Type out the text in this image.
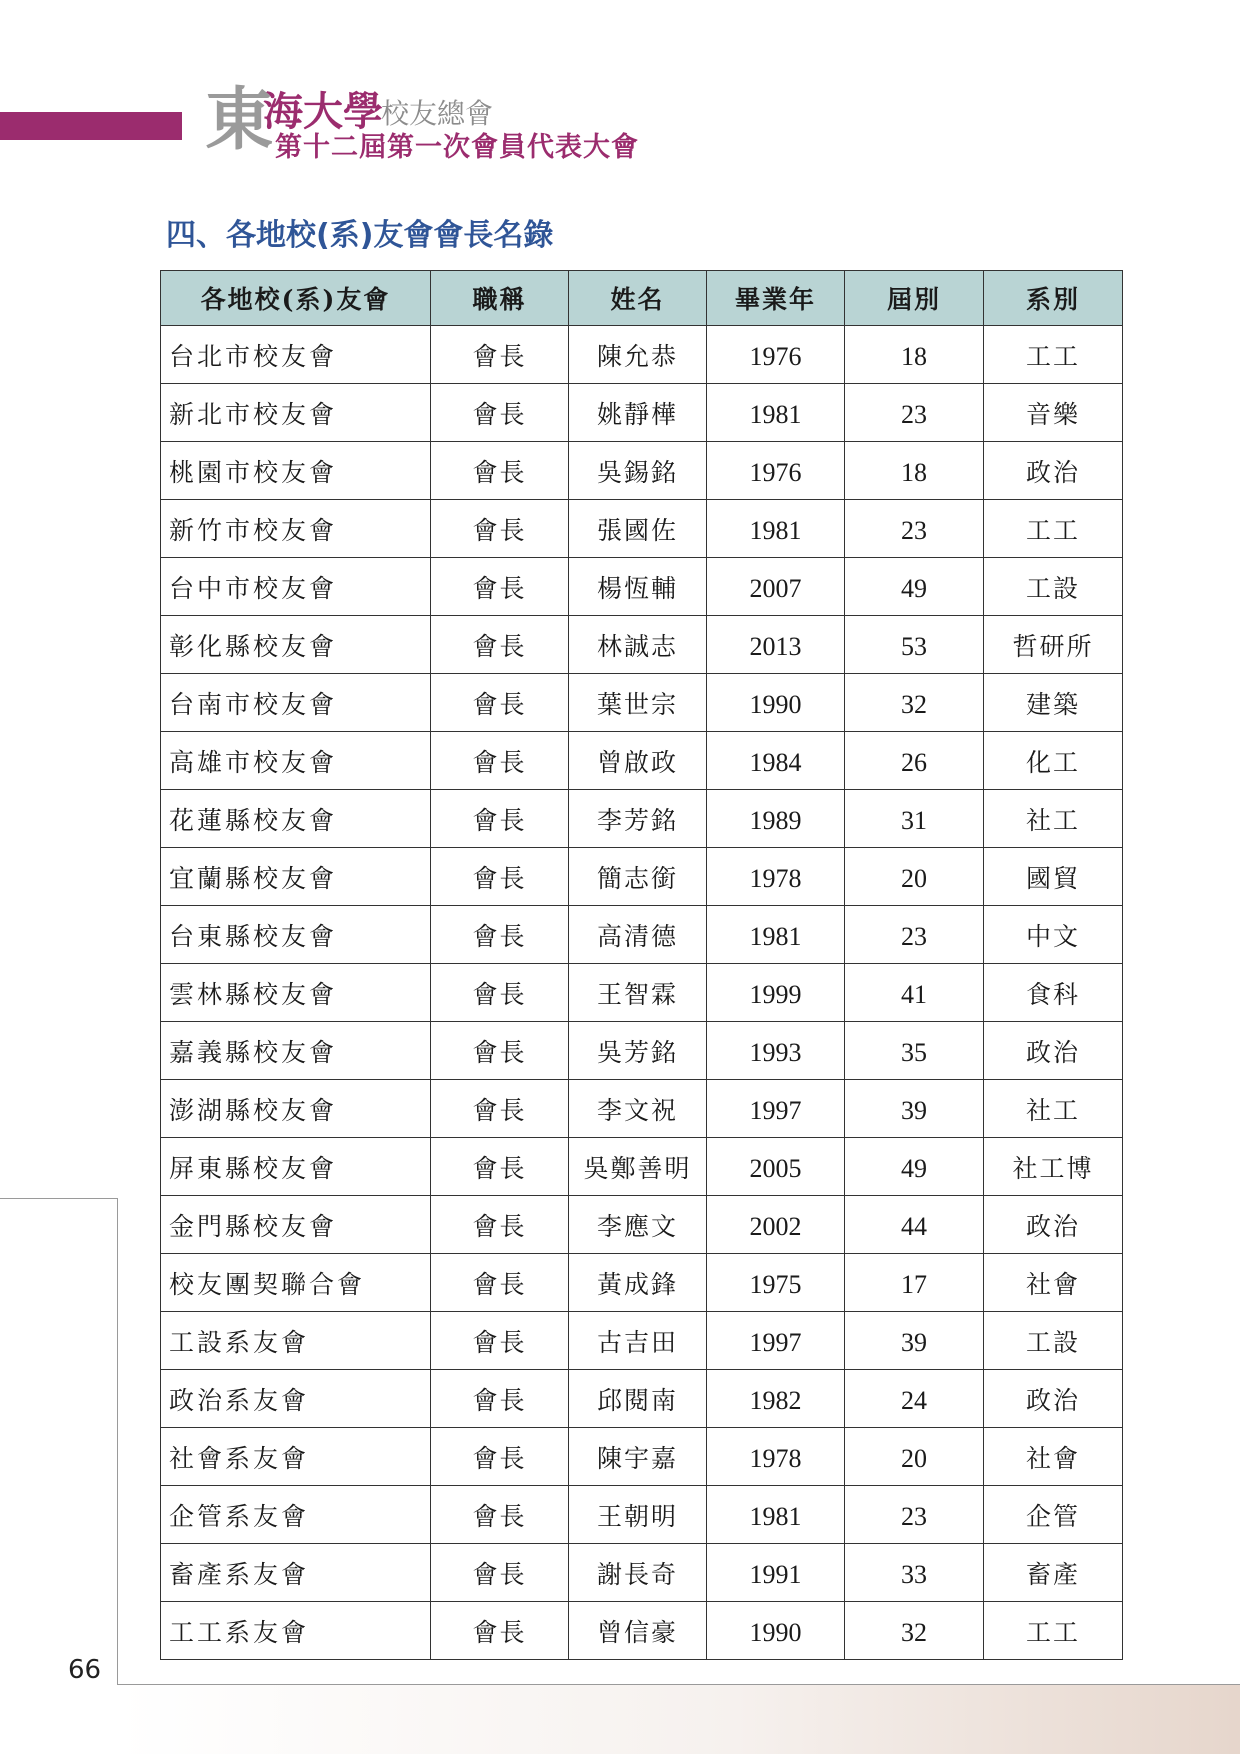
東
海大學
校友總會
第十二屆第一次會員代表大會
四、各地校(系)友會會長名錄
各地校(系)友會	職稱	姓名	畢業年	屆別	系別
台北市校友會	會長	陳允恭	1976	18	工工
新北市校友會	會長	姚靜樺	1981	23	音樂
桃園市校友會	會長	吳錫銘	1976	18	政治
新竹市校友會	會長	張國佐	1981	23	工工
台中市校友會	會長	楊恆輔	2007	49	工設
彰化縣校友會	會長	林誠志	2013	53	哲研所
台南市校友會	會長	葉世宗	1990	32	建築
高雄市校友會	會長	曾啟政	1984	26	化工
花蓮縣校友會	會長	李芳銘	1989	31	社工
宜蘭縣校友會	會長	簡志銜	1978	20	國貿
台東縣校友會	會長	高清德	1981	23	中文
雲林縣校友會	會長	王智霖	1999	41	食科
嘉義縣校友會	會長	吳芳銘	1993	35	政治
澎湖縣校友會	會長	李文祝	1997	39	社工
屏東縣校友會	會長	吳鄭善明	2005	49	社工博
金門縣校友會	會長	李應文	2002	44	政治
校友團契聯合會	會長	黃成鋒	1975	17	社會
工設系友會	會長	古吉田	1997	39	工設
政治系友會	會長	邱閱南	1982	24	政治
社會系友會	會長	陳宇嘉	1978	20	社會
企管系友會	會長	王朝明	1981	23	企管
畜產系友會	會長	謝長奇	1991	33	畜產
工工系友會	會長	曾信豪	1990	32	工工
66
